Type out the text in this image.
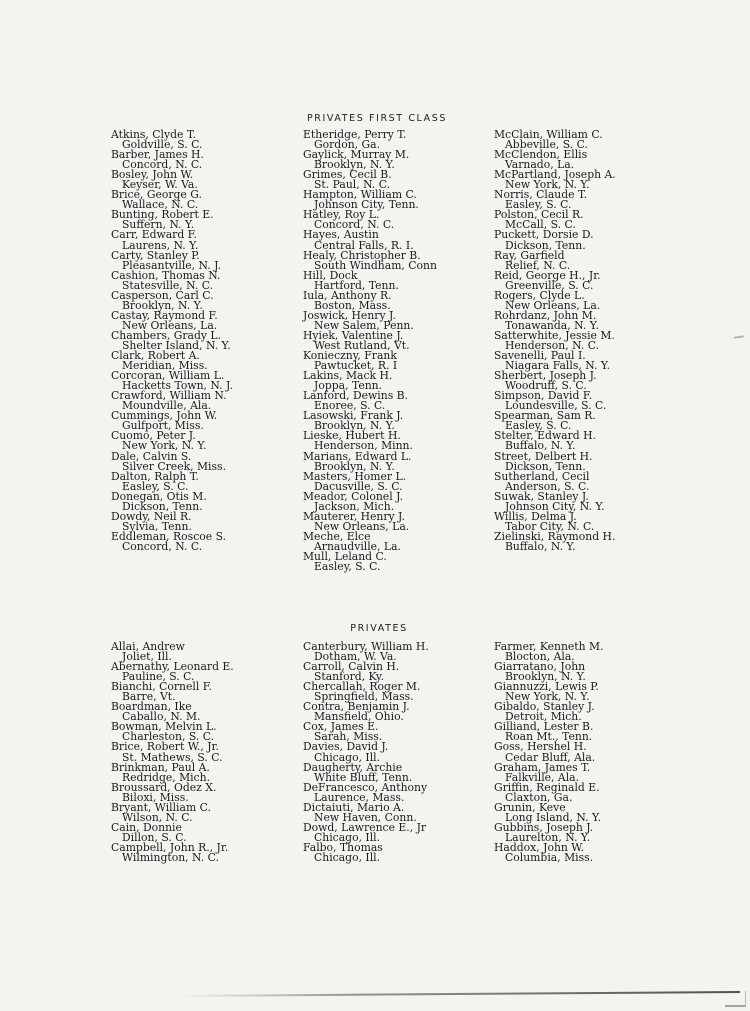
PRIVATES FIRST CLASS
Atkins, Clyde T.
Goldville, S. C.
Barber, James H.
Concord, N. C.
Bosley, John W.
Keyser, W. Va.
Brice, George G.
Wallace, N. C.
Bunting, Robert E.
Suffern, N. Y.
Carr, Edward F.
Laurens, N. Y.
Carty, Stanley P.
Pleasantville, N. J.
Cashion, Thomas N.
Statesville, N. C.
Casperson, Carl C.
Brooklyn, N. Y.
Castay, Raymond F.
New Orleans, La.
Chambers, Grady L.
Shelter Island, N. Y.
Clark, Robert A.
Meridian, Miss.
Corcoran, William L.
Hacketts Town, N. J.
Crawford, William N.
Moundville, Ala.
Cummings, John W.
Gulfport, Miss.
Cuomo, Peter J.
New York, N. Y.
Dale, Calvin S.
Silver Creek, Miss.
Dalton, Ralph T.
Easley, S. C.
Donegan, Otis M.
Dickson, Tenn.
Dowdy, Neil R.
Sylvia, Tenn.
Eddleman, Roscoe S.
Concord, N. C.
Etheridge, Perry T.
Gordon, Ga.
Gaylick, Murray M.
Brooklyn, N. Y.
Grimes, Cecil B.
St. Paul, N. C.
Hampton, William C.
Johnson City, Tenn.
Hatley, Roy L.
Concord, N. C.
Hayes, Austin
Central Falls, R. I.
Healy, Christopher B.
South Windham, Conn
Hill, Dock
Hartford, Tenn.
Iula, Anthony R.
Boston, Mass.
Joswick, Henry J.
New Salem, Penn.
Hyiek, Valentine J.
West Rutland, Vt.
Konieczny, Frank
Pawtucket, R. I
Lakins, Mack H.
Joppa, Tenn.
Lanford, Dewins B.
Enoree, S. C.
Lasowski, Frank J.
Brooklyn, N. Y.
Lieske, Hubert H.
Henderson, Minn.
Marians, Edward L.
Brooklyn, N. Y.
Masters, Homer L.
Dacusville, S. C.
Meador, Colonel J.
Jackson, Mich.
Mauterer, Henry J.
New Orleans, La.
Meche, Elce
Arnaudville, La.
Mull, Leland C.
Easley, S. C.
McClain, William C.
Abbeville, S. C.
McClendon, Ellis
Varnado, La.
McPartland, Joseph A.
New York, N. Y.
Norris, Claude T.
Easley, S. C.
Polston, Cecil R.
McCall, S. C.
Puckett, Dorsie D.
Dickson, Tenn.
Ray, Garfield
Relief, N. C.
Reid, George H., Jr.
Greenville, S. C.
Rogers, Clyde L.
New Orleans, La.
Rohrdanz, John M.
Tonawanda, N. Y.
Satterwhite, Jessie M.
Henderson, N. C.
Savenelli, Paul I.
Niagara Falls, N. Y.
Sherbert, Joseph J.
Woodruff, S. C.
Simpson, David F.
Loundesville, S. C.
Spearman, Sam R.
Easley, S. C.
Stelter, Edward H.
Buffalo, N. Y.
Street, Delbert H.
Dickson, Tenn.
Sutherland, Cecil
Anderson, S. C.
Suwak, Stanley J.
Johnson City, N. Y.
Willis, Delma J.
Tabor City, N. C.
Zielinski, Raymond H.
Buffalo, N. Y.
PRIVATES
Allai, Andrew
Joliet, Ill.
Abernathy, Leonard E.
Pauline, S. C.
Bianchi, Cornell F.
Barre, Vt.
Boardman, Ike
Caballo, N. M.
Bowman, Melvin L.
Charleston, S. C.
Brice, Robert W., Jr.
St. Mathews, S. C.
Brinkman, Paul A.
Redridge, Mich.
Broussard, Odez X.
Biloxi, Miss.
Bryant, William C.
Wilson, N. C.
Cain, Donnie
Dillon, S. C.
Campbell, John R., Jr.
Wilmington, N. C.
Canterbury, William H.
Dotham, W. Va.
Carroll, Calvin H.
Stanford, Ky.
Chercallah, Roger M.
Springfield, Mass.
Contra, Benjamin J.
Mansfield, Ohio.
Cox, James E.
Sarah, Miss.
Davies, David J.
Chicago, Ill.
Daugherty, Archie
White Bluff, Tenn.
DeFrancesco, Anthony
Laurence, Mass.
Dictaiuti, Mario A.
New Haven, Conn.
Dowd, Lawrence E., Jr
Chicago, Ill.
Falbo, Thomas
Chicago, Ill.
Farmer, Kenneth M.
Blocton, Ala.
Giarratano, John
Brooklyn, N. Y.
Giannuzzi, Lewis P.
New York, N. Y.
Gibaldo, Stanley J.
Detroit, Mich.
Gilliand, Lester B.
Roan Mt., Tenn.
Goss, Hershel H.
Cedar Bluff, Ala.
Graham, James T.
Falkville, Ala.
Griffin, Reginald E.
Claxton, Ga.
Grunin, Keve
Long Island, N. Y.
Gubbins, Joseph J.
Laurelton, N. Y.
Haddox, John W.
Columbia, Miss.
